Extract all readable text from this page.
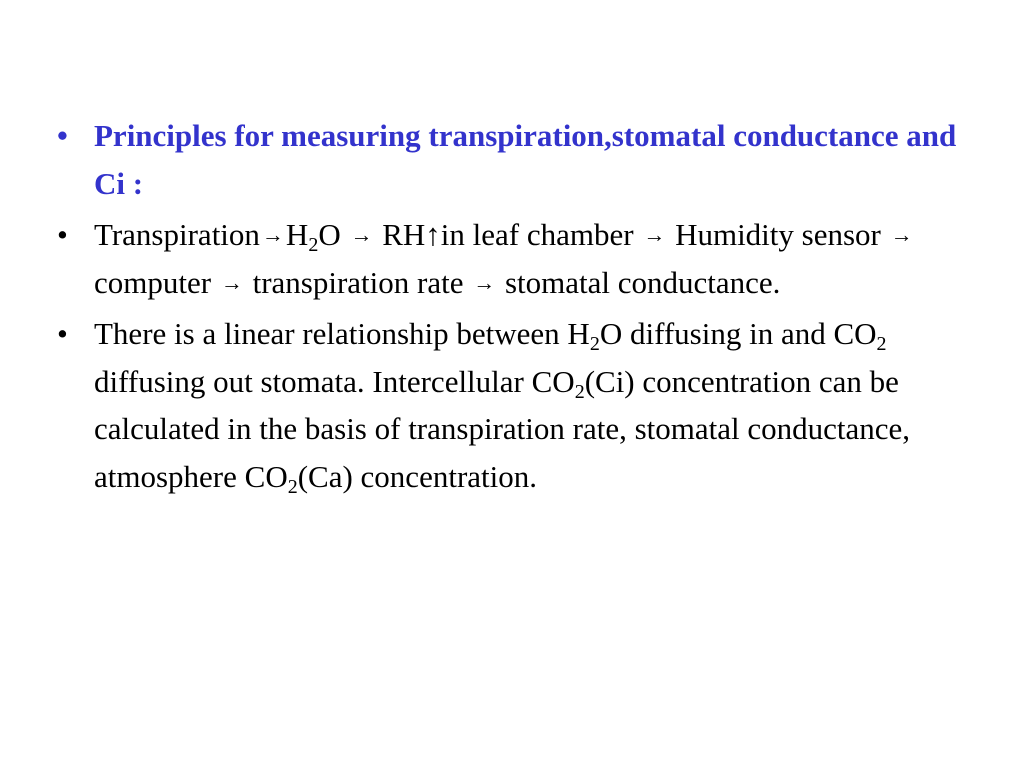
• Principles for measuring transpiration,stomatal conductance and Ci :
• $Transpiration\to H_2O$ → RH↑in leaf chamber → Humidity sensor → computer → transpiration rate → stomatal conductance.
• There is a linear relationship between $H_2O$ diffusing in and $CO_2$ diffusing out stomata. Intercellular $CO_2(Ci)$ concentration can be calculated in the basis of transpiration rate, stomatal conductance, atmosphere $CO_2(Ca)$ concentration.
